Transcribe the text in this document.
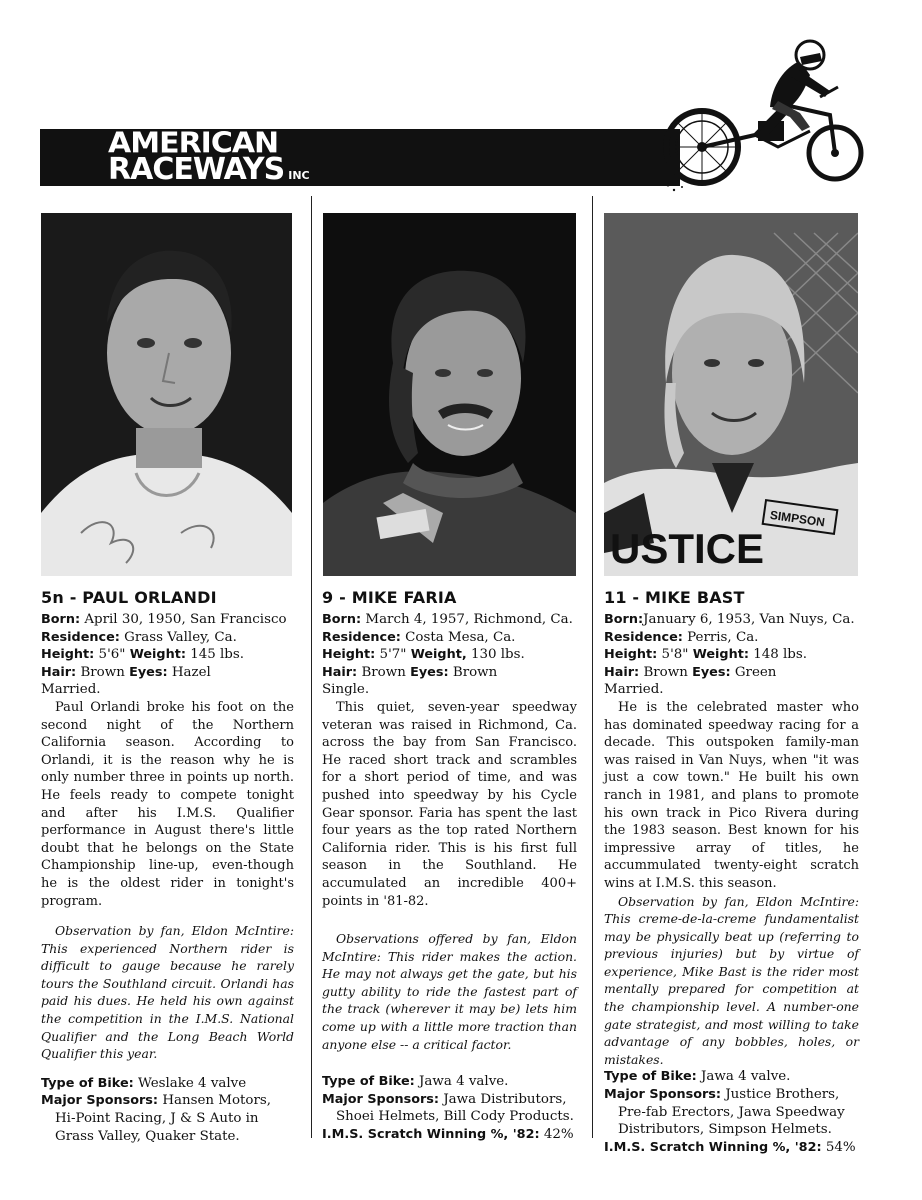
AMERICAN
RACEWAYS INC
USTICE
SIMPSON
5n - PAUL ORLANDI
Born: April 30, 1950, San Francisco
Residence: Grass Valley, Ca.
Height: 5'6" Weight: 145 lbs.
Hair: Brown Eyes: Hazel
Married.

Paul Orlandi broke his foot on the second night of the Northern California season. According to Orlandi, it is the reason why he is only number three in points up north. He feels ready to compete tonight and after his I.M.S. Qualifier performance in August there's little doubt that he belongs on the State Championship line-up, even-though he is the oldest rider in tonight's program.

Observation by fan, Eldon McIntire: This experienced Northern rider is difficult to gauge because he rarely tours the Southland circuit. Orlandi has paid his dues. He held his own against the competition in the I.M.S. National Qualifier and the Long Beach World Qualifier this year.

Type of Bike: Weslake 4 valve
Major Sponsors: Hansen Motors, Hi-Point Racing, J & S Auto in Grass Valley, Quaker State.
9 - MIKE FARIA
Born: March 4, 1957, Richmond, Ca.
Residence: Costa Mesa, Ca.
Height: 5'7" Weight, 130 lbs.
Hair: Brown Eyes: Brown
Single.

This quiet, seven-year speedway veteran was raised in Richmond, Ca. across the bay from San Francisco. He raced short track and scrambles for a short period of time, and was pushed into speedway by his Cycle Gear sponsor. Faria has spent the last four years as the top rated Northern California rider. This is his first full season in the Southland. He accumulated an incredible 400+ points in '81-82.

Observations offered by fan, Eldon McIntire: This rider makes the action. He may not always get the gate, but his gutty ability to ride the fastest part of the track (wherever it may be) lets him come up with a little more traction than anyone else -- a critical factor.

Type of Bike: Jawa 4 valve.
Major Sponsors: Jawa Distributors, Shoei Helmets, Bill Cody Products.
I.M.S. Scratch Winning %, '82: 42%
11 - MIKE BAST
Born:January 6, 1953, Van Nuys, Ca.
Residence: Perris, Ca.
Height: 5'8" Weight: 148 lbs.
Hair: Brown Eyes: Green
Married.

He is the celebrated master who has dominated speedway racing for a decade. This outspoken family-man was raised in Van Nuys, when "it was just a cow town." He built his own ranch in 1981, and plans to promote his own track in Pico Rivera during the 1983 season. Best known for his impressive array of titles, he accummulated twenty-eight scratch wins at I.M.S. this season.

Observation by fan, Eldon McIntire: This creme-de-la-creme fundamentalist may be physically beat up (referring to previous injuries) but by virtue of experience, Mike Bast is the rider most mentally prepared for competition at the championship level. A number-one gate strategist, and most willing to take advantage of any bobbles, holes, or mistakes.

Type of Bike: Jawa 4 valve.
Major Sponsors: Justice Brothers, Pre-fab Erectors, Jawa Speedway Distributors, Simpson Helmets.
I.M.S. Scratch Winning %, '82: 54%
